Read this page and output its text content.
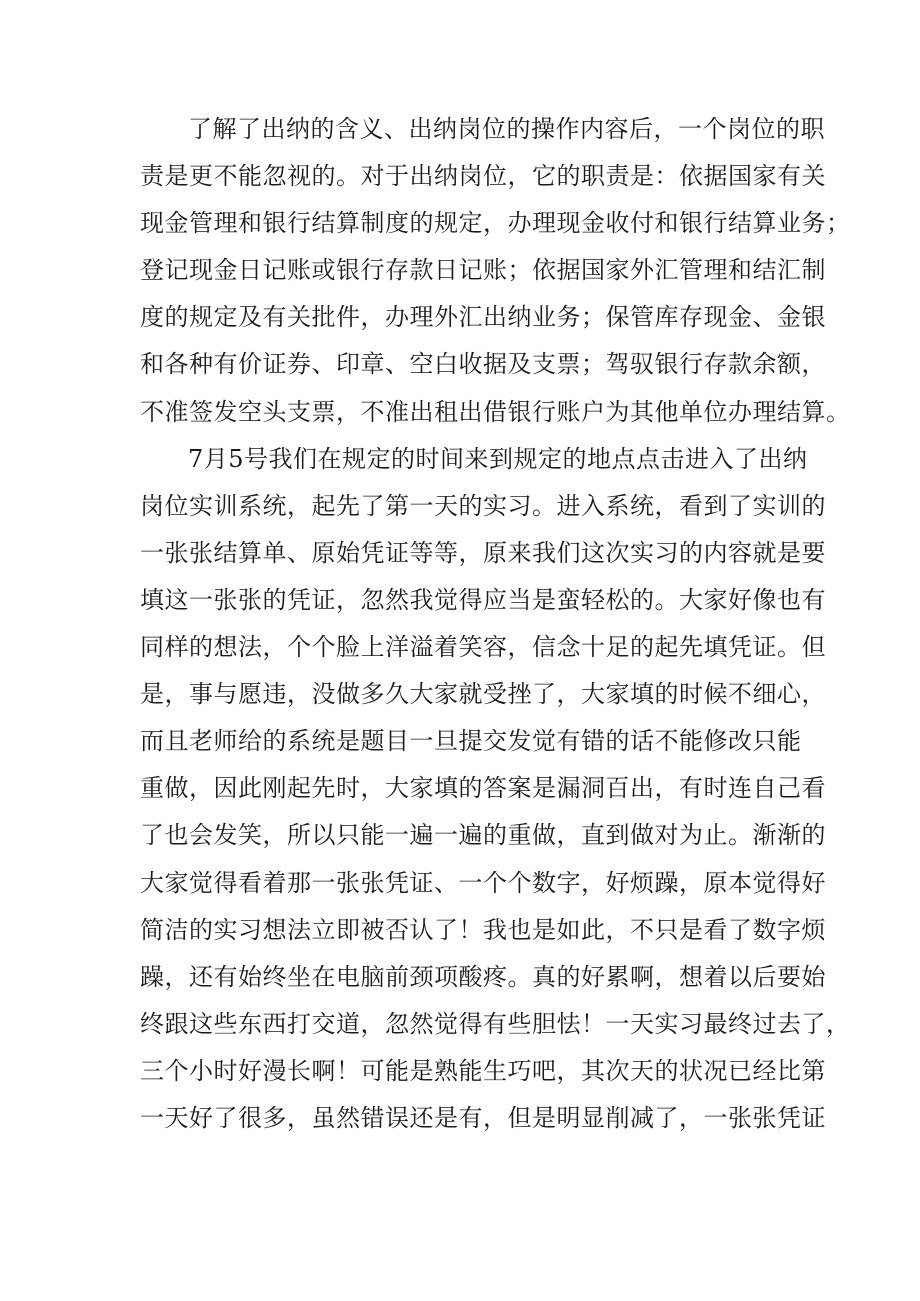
了解了出纳的含义、出纳岗位的操作内容后，一个岗位的职
责是更不能忽视的。对于出纳岗位，它的职责是：依据国家有关
现金管理和银行结算制度的规定，办理现金收付和银行结算业务；
登记现金日记账或银行存款日记账；依据国家外汇管理和结汇制
度的规定及有关批件，办理外汇出纳业务；保管库存现金、金银
和各种有价证券、印章、空白收据及支票；驾驭银行存款余额，
不准签发空头支票，不准出租出借银行账户为其他单位办理结算。
7月5号我们在规定的时间来到规定的地点点击进入了出纳
岗位实训系统，起先了第一天的实习。进入系统，看到了实训的
一张张结算单、原始凭证等等，原来我们这次实习的内容就是要
填这一张张的凭证，忽然我觉得应当是蛮轻松的。大家好像也有
同样的想法，个个脸上洋溢着笑容，信念十足的起先填凭证。但
是，事与愿违，没做多久大家就受挫了，大家填的时候不细心，
而且老师给的系统是题目一旦提交发觉有错的话不能修改只能
重做，因此刚起先时，大家填的答案是漏洞百出，有时连自己看
了也会发笑，所以只能一遍一遍的重做，直到做对为止。渐渐的
大家觉得看着那一张张凭证、一个个数字，好烦躁，原本觉得好
简洁的实习想法立即被否认了！我也是如此，不只是看了数字烦
躁，还有始终坐在电脑前颈项酸疼。真的好累啊，想着以后要始
终跟这些东西打交道，忽然觉得有些胆怯！一天实习最终过去了，
三个小时好漫长啊！可能是熟能生巧吧，其次天的状况已经比第
一天好了很多，虽然错误还是有，但是明显削减了，一张张凭证
